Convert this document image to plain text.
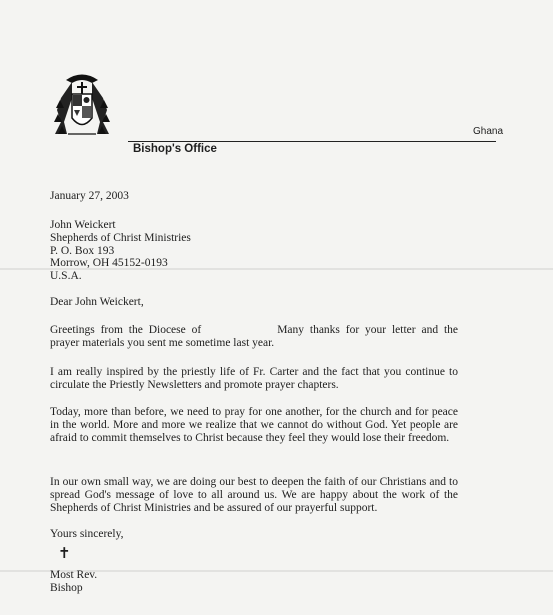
Ghana
Bishop's Office
January 27, 2003
John Weickert
Shepherds of Christ Ministries
P. O. Box 193
Morrow, OH 45152-0193
U.S.A.
Dear John Weickert,
Greetings from the Diocese of	Many thanks for your letter and the prayer materials you sent me sometime last year.
I am really inspired by the priestly life of Fr. Carter and the fact that you continue to circulate the Priestly Newsletters and promote prayer chapters.
Today, more than before, we need to pray for one another, for the church and for peace in the world. More and more we realize that we cannot do without God. Yet people are afraid to commit themselves to Christ because they feel they would lose their freedom.
In our own small way, we are doing our best to deepen the faith of our Christians and to spread God's message of love to all around us. We are happy about the work of the Shepherds of Christ Ministries and be assured of our prayerful support.
Yours sincerely,
✝
Most Rev.
Bishop
